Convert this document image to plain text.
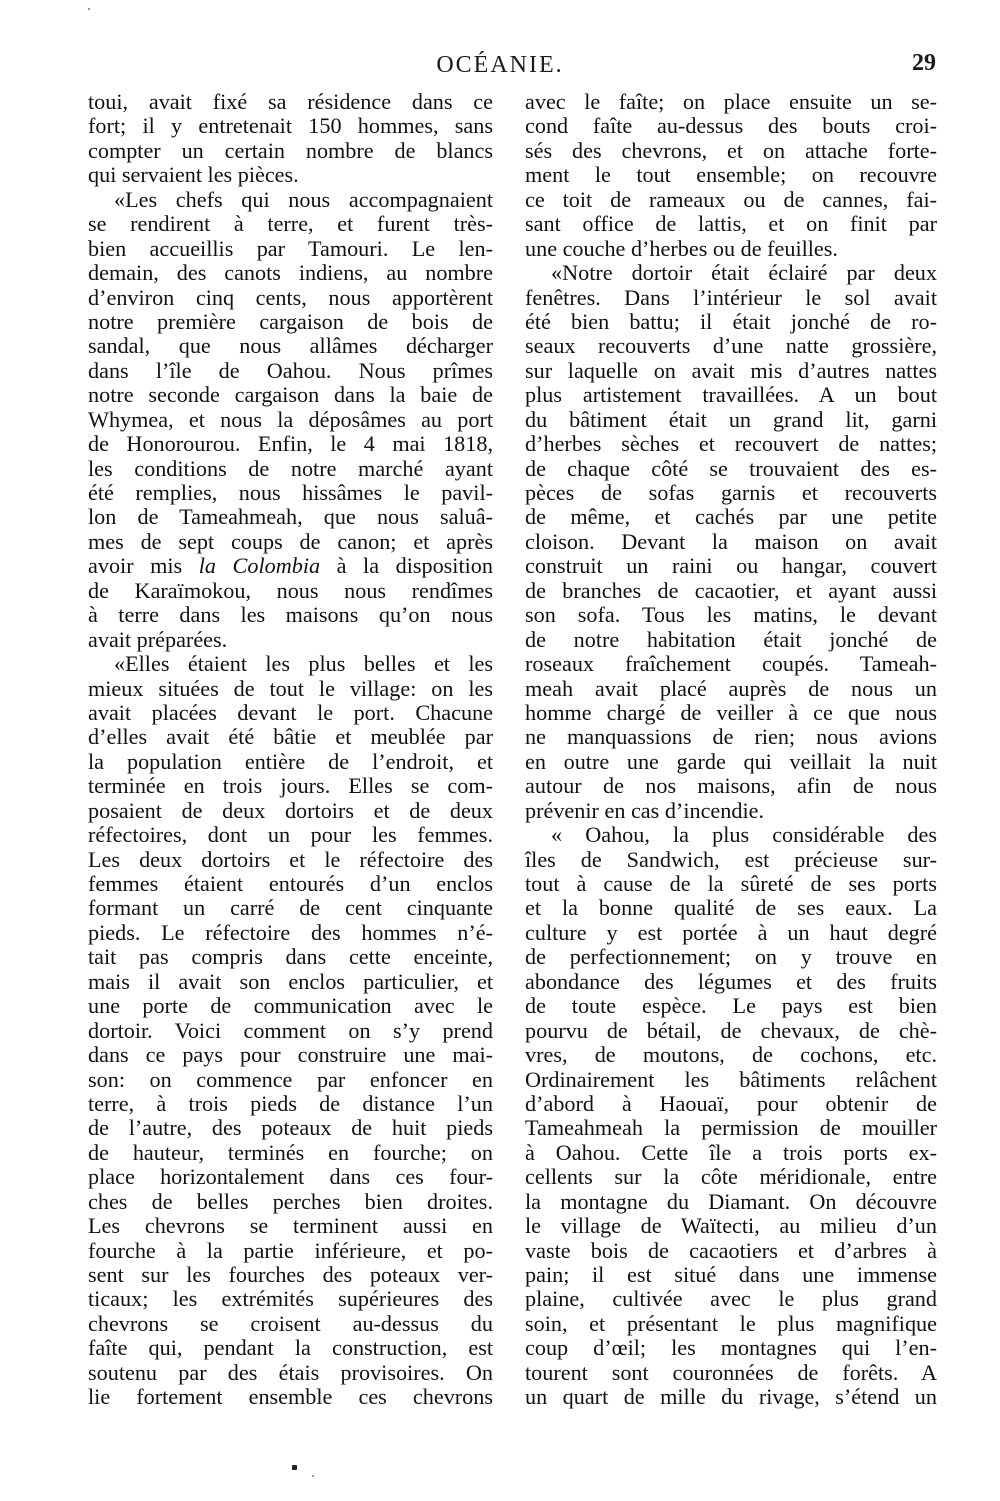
OCÉANIE.	29
toui, avait fixé sa résidence dans ce
fort; il y entretenait 150 hommes, sans
compter un certain nombre de blancs
qui servaient les pièces.
«Les chefs qui nous accompagnaient
se rendirent à terre, et furent très-
bien accueillis par Tamouri. Le len-
demain, des canots indiens, au nombre
d’environ cinq cents, nous apportèrent
notre première cargaison de bois de
sandal, que nous allâmes décharger
dans l’île de Oahou. Nous prîmes
notre seconde cargaison dans la baie de
Whymea, et nous la déposâmes au port
de Honorourou. Enfin, le 4 mai 1818,
les conditions de notre marché ayant
été remplies, nous hissâmes le pavil-
lon de Tameahmeah, que nous saluâ-
mes de sept coups de canon; et après
avoir mis la Colombia à la disposition
de Karaïmokou, nous nous rendîmes
à terre dans les maisons qu’on nous
avait préparées.
«Elles étaient les plus belles et les
mieux situées de tout le village: on les
avait placées devant le port. Chacune
d’elles avait été bâtie et meublée par
la population entière de l’endroit, et
terminée en trois jours. Elles se com-
posaient de deux dortoirs et de deux
réfectoires, dont un pour les femmes.
Les deux dortoirs et le réfectoire des
femmes étaient entourés d’un enclos
formant un carré de cent cinquante
pieds. Le réfectoire des hommes n’é-
tait pas compris dans cette enceinte,
mais il avait son enclos particulier, et
une porte de communication avec le
dortoir. Voici comment on s’y prend
dans ce pays pour construire une mai-
son: on commence par enfoncer en
terre, à trois pieds de distance l’un
de l’autre, des poteaux de huit pieds
de hauteur, terminés en fourche; on
place horizontalement dans ces four-
ches de belles perches bien droites.
Les chevrons se terminent aussi en
fourche à la partie inférieure, et po-
sent sur les fourches des poteaux ver-
ticaux; les extrémités supérieures des
chevrons se croisent au-dessus du
faîte qui, pendant la construction, est
soutenu par des étais provisoires. On
lie fortement ensemble ces chevrons
avec le faîte; on place ensuite un se-
cond faîte au-dessus des bouts croi-
sés des chevrons, et on attache forte-
ment le tout ensemble; on recouvre
ce toit de rameaux ou de cannes, fai-
sant office de lattis, et on finit par
une couche d’herbes ou de feuilles.
«Notre dortoir était éclairé par deux
fenêtres. Dans l’intérieur le sol avait
été bien battu; il était jonché de ro-
seaux recouverts d’une natte grossière,
sur laquelle on avait mis d’autres nattes
plus artistement travaillées. A un bout
du bâtiment était un grand lit, garni
d’herbes sèches et recouvert de nattes;
de chaque côté se trouvaient des es-
pèces de sofas garnis et recouverts
de même, et cachés par une petite
cloison. Devant la maison on avait
construit un raini ou hangar, couvert
de branches de cacaotier, et ayant aussi
son sofa. Tous les matins, le devant
de notre habitation était jonché de
roseaux fraîchement coupés. Tameah-
meah avait placé auprès de nous un
homme chargé de veiller à ce que nous
ne manquassions de rien; nous avions
en outre une garde qui veillait la nuit
autour de nos maisons, afin de nous
prévenir en cas d’incendie.
« Oahou, la plus considérable des
îles de Sandwich, est précieuse sur-
tout à cause de la sûreté de ses ports
et la bonne qualité de ses eaux. La
culture y est portée à un haut degré
de perfectionnement; on y trouve en
abondance des légumes et des fruits
de toute espèce. Le pays est bien
pourvu de bétail, de chevaux, de chè-
vres, de moutons, de cochons, etc.
Ordinairement les bâtiments relâchent
d’abord à Haouaï, pour obtenir de
Tameahmeah la permission de mouiller
à Oahou. Cette île a trois ports ex-
cellents sur la côte méridionale, entre
la montagne du Diamant. On découvre
le village de Waïtecti, au milieu d’un
vaste bois de cacaotiers et d’arbres à
pain; il est situé dans une immense
plaine, cultivée avec le plus grand
soin, et présentant le plus magnifique
coup d’œil; les montagnes qui l’en-
tourent sont couronnées de forêts. A
un quart de mille du rivage, s’étend un
